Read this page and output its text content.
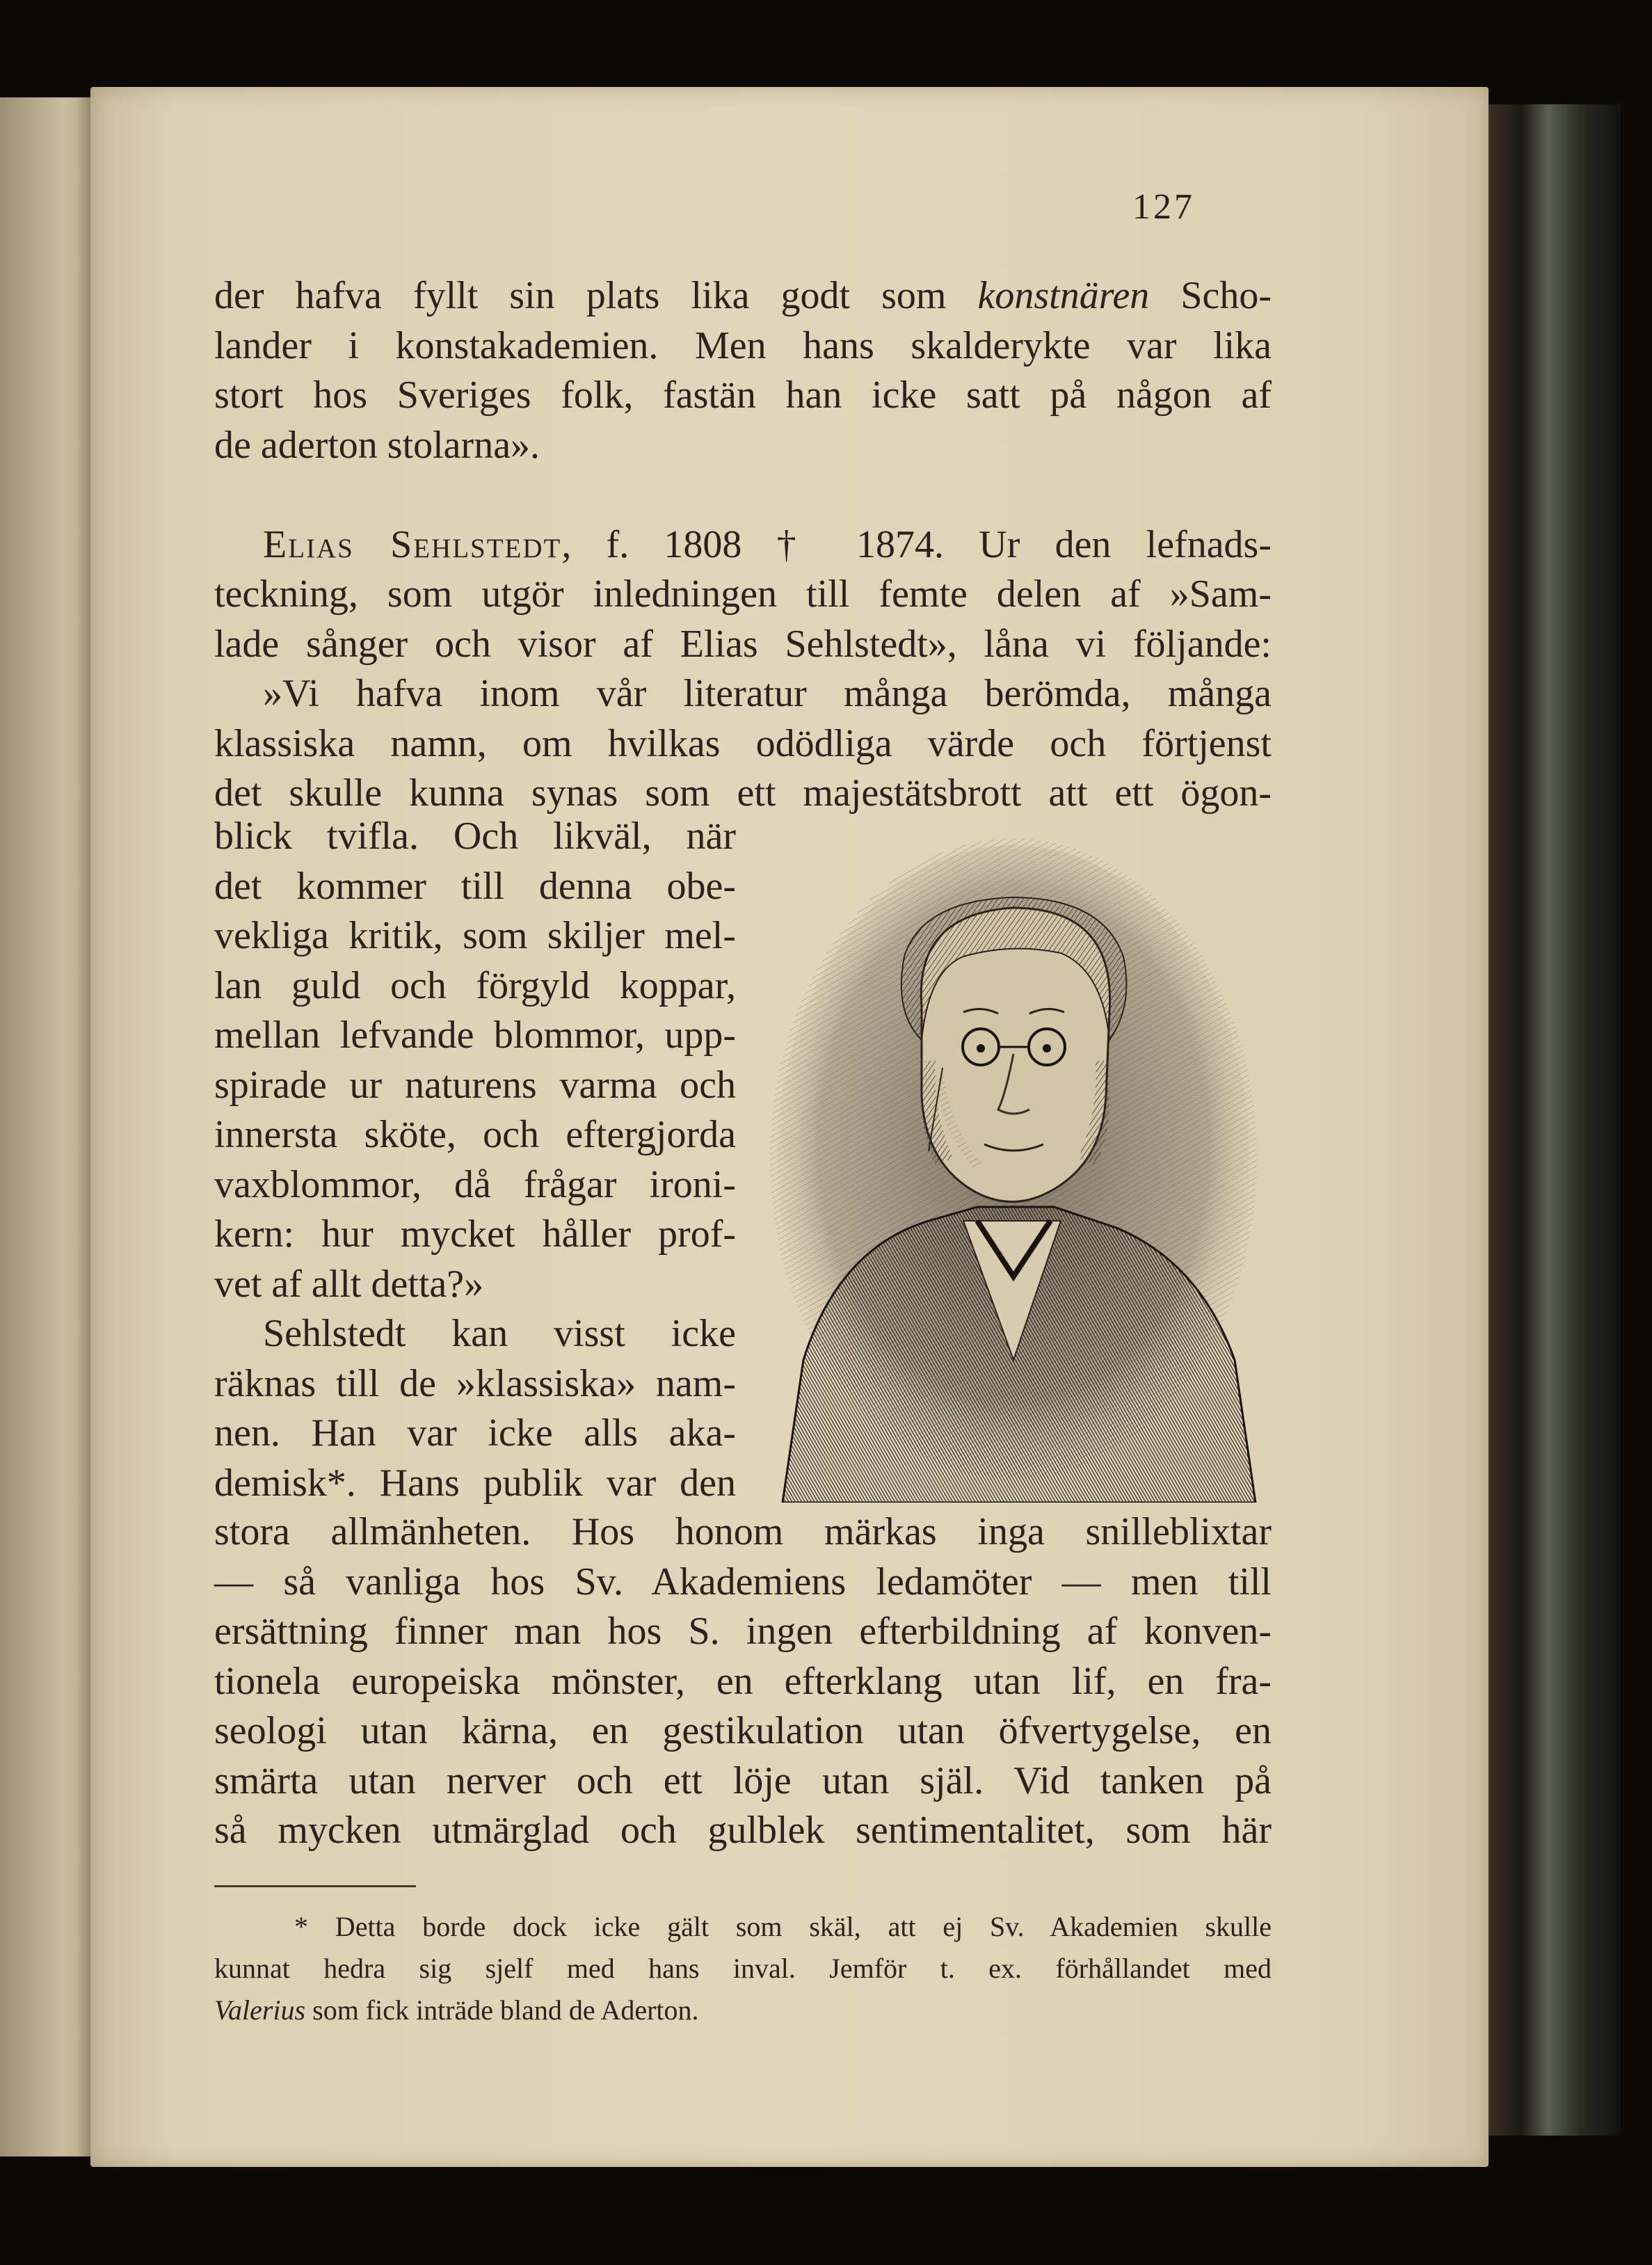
127
der hafva fyllt sin plats lika godt som konstnären Scho-
lander i konstakademien. Men hans skalderykte var lika
stort hos Sveriges folk, fastän han icke satt på någon af
de aderton stolarna».
Elias Sehlstedt, f. 1808 † 1874. Ur den lefnads-
teckning, som utgör inledningen till femte delen af »Sam-
lade sånger och visor af Elias Sehlstedt», låna vi följande:
»Vi hafva inom vår literatur många berömda, många
klassiska namn, om hvilkas odödliga värde och förtjenst
det skulle kunna synas som ett majestätsbrott att ett ögon-
blick tvifla. Och likväl, när
det kommer till denna obe-
vekliga kritik, som skiljer mel-
lan guld och förgyld koppar,
mellan lefvande blommor, upp-
spirade ur naturens varma och
innersta sköte, och eftergjorda
vaxblommor, då frågar ironi-
kern: hur mycket håller prof-
vet af allt detta?»
Sehlstedt kan visst icke
räknas till de »klassiska» nam-
nen. Han var icke alls aka-
demisk*. Hans publik var den
stora allmänheten. Hos honom märkas inga snilleblixtar
— så vanliga hos Sv. Akademiens ledamöter — men till
ersättning finner man hos S. ingen efterbildning af konven-
tionela europeiska mönster, en efterklang utan lif, en fra-
seologi utan kärna, en gestikulation utan öfvertygelse, en
smärta utan nerver och ett löje utan själ. Vid tanken på
så mycken utmärglad och gulblek sentimentalitet, som här
* Detta borde dock icke gält som skäl, att ej Sv. Akademien skulle
kunnat hedra sig sjelf med hans inval. Jemför t. ex. förhållandet med
Valerius som fick inträde bland de Aderton.
